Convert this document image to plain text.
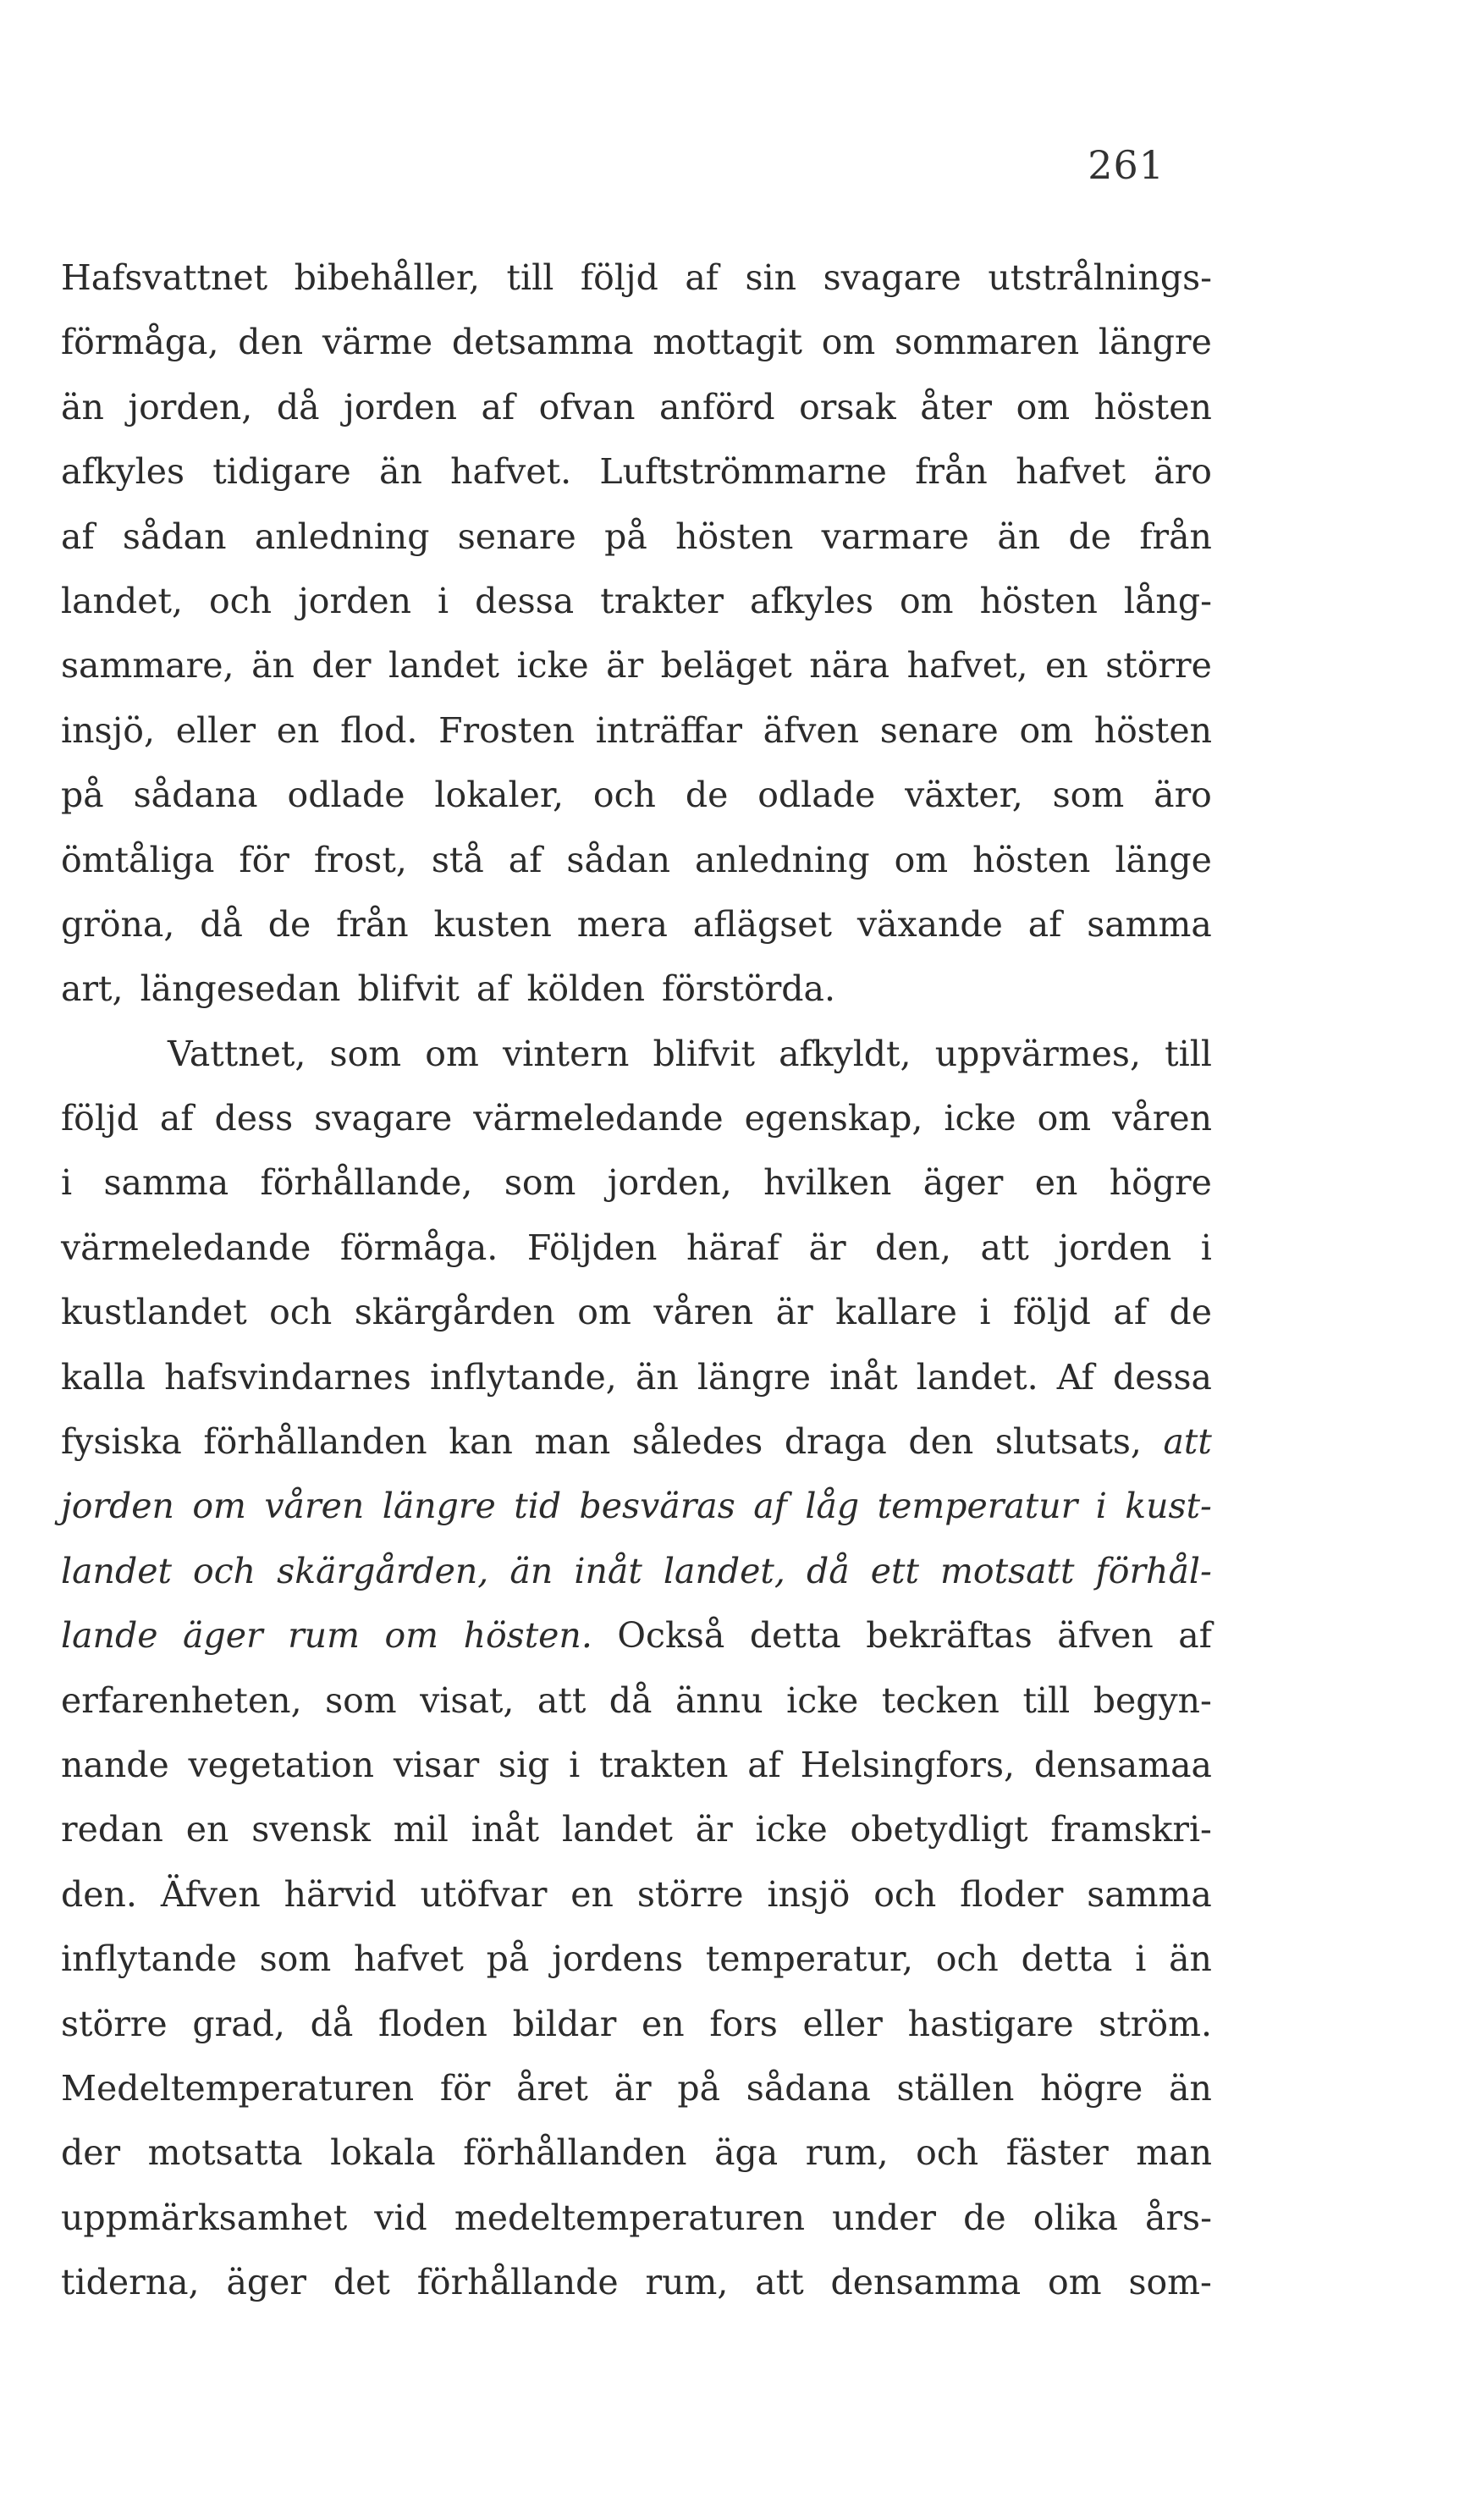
261
Hafsvattnet bibehåller, till följd af sin svagare utstrålnings-
förmåga, den värme detsamma mottagit om sommaren längre
än jorden, då jorden af ofvan anförd orsak åter om hösten
afkyles tidigare än hafvet. Luftströmmarne från hafvet äro
af sådan anledning senare på hösten varmare än de från
landet, och jorden i dessa trakter afkyles om hösten lång-
sammare, än der landet icke är beläget nära hafvet, en större
insjö, eller en flod. Frosten inträffar äfven senare om hösten
på sådana odlade lokaler, och de odlade växter, som äro
ömtåliga för frost, stå af sådan anledning om hösten länge
gröna, då de från kusten mera aflägset växande af samma
art, längesedan blifvit af kölden förstörda.
Vattnet, som om vintern blifvit afkyldt, uppvärmes, till
följd af dess svagare värmeledande egenskap, icke om våren
i samma förhållande, som jorden, hvilken äger en högre
värmeledande förmåga. Följden häraf är den, att jorden i
kustlandet och skärgården om våren är kallare i följd af de
kalla hafsvindarnes inflytande, än längre inåt landet. Af dessa
fysiska förhållanden kan man således draga den slutsats, att
jorden om våren längre tid besväras af låg temperatur i kust-
landet och skärgården, än inåt landet, då ett motsatt förhål-
lande äger rum om hösten. Också detta bekräftas äfven af
erfarenheten, som visat, att då ännu icke tecken till begyn-
nande vegetation visar sig i trakten af Helsingfors, densamaa
redan en svensk mil inåt landet är icke obetydligt framskri-
den. Äfven härvid utöfvar en större insjö och floder samma
inflytande som hafvet på jordens temperatur, och detta i än
större grad, då floden bildar en fors eller hastigare ström.
Medeltemperaturen för året är på sådana ställen högre än
der motsatta lokala förhållanden äga rum, och fäster man
uppmärksamhet vid medeltemperaturen under de olika års-
tiderna, äger det förhållande rum, att densamma om som-
